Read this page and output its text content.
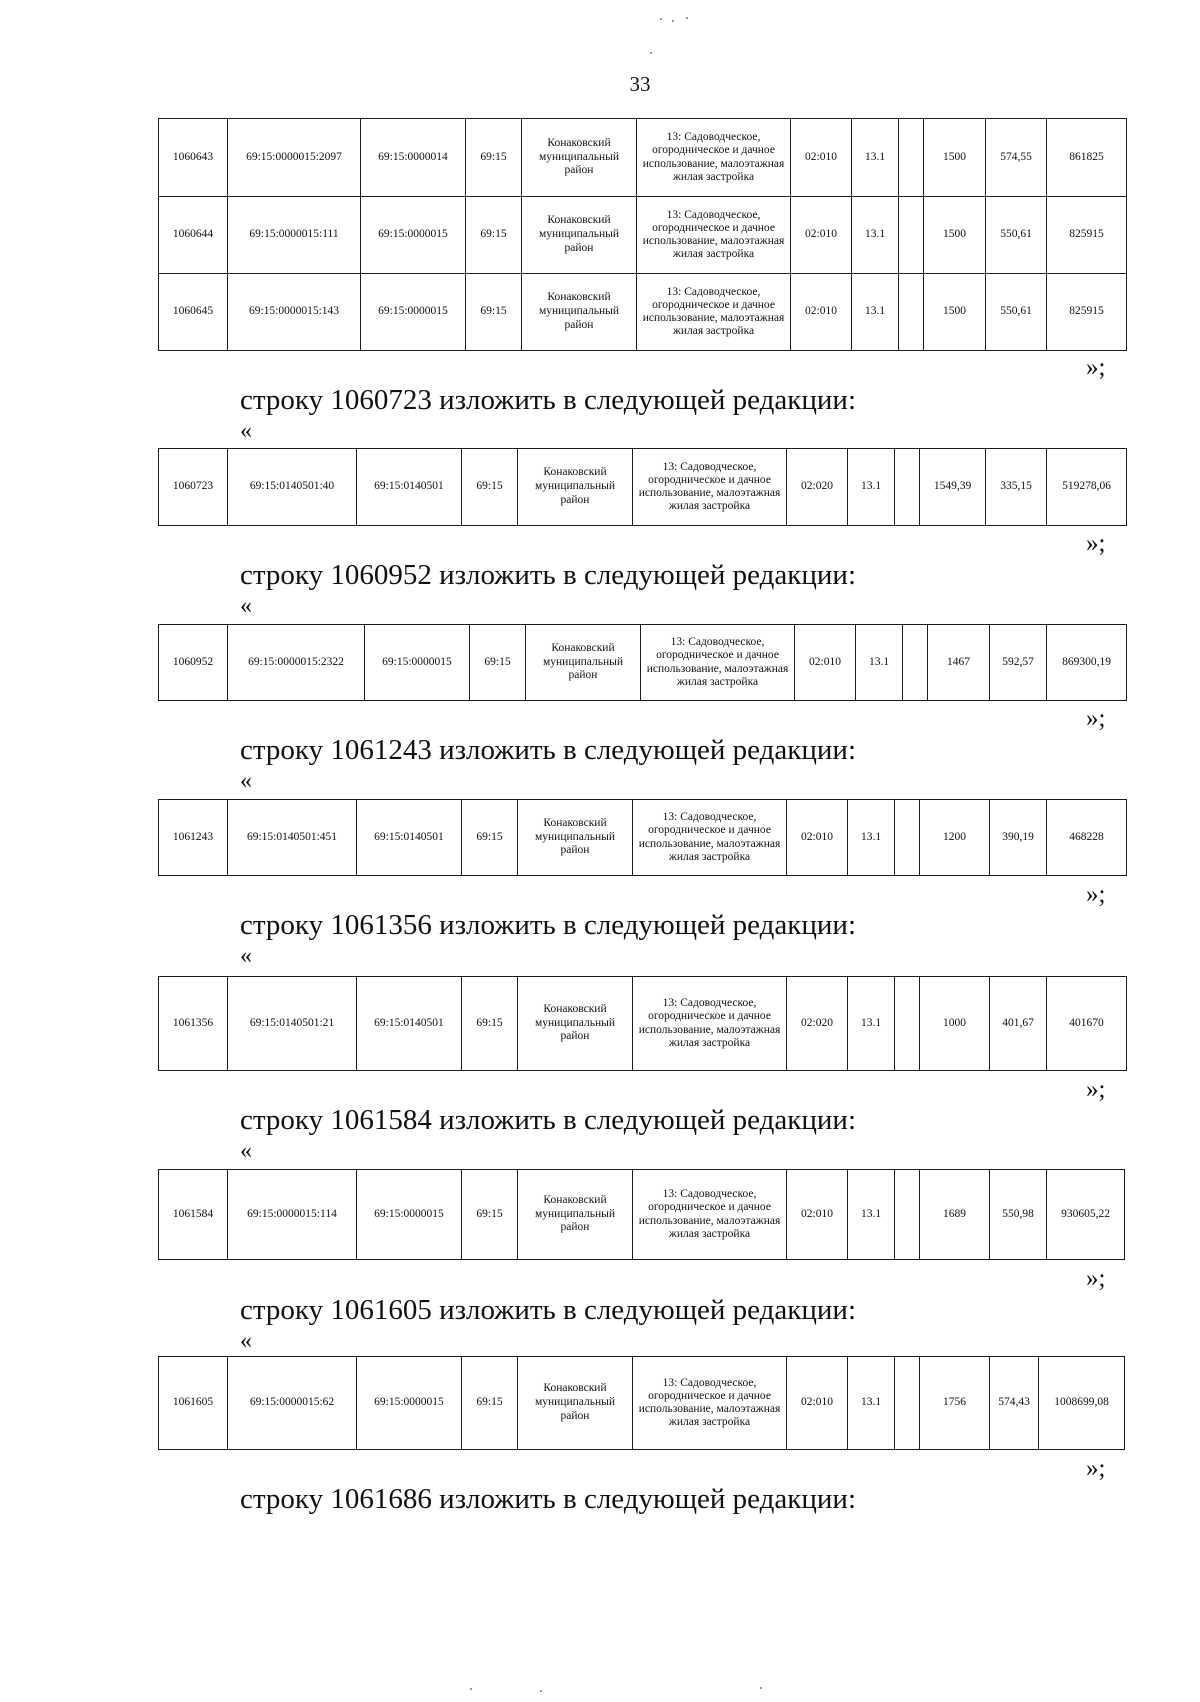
33
1060643	69:15:0000015:2097	69:15:0000014	69:15	Конаковский муниципальный район	13: Садоводческое, огородническое и дачное использование, малоэтажная жилая застройка	02:010	13.1		1500	574,55	861825
1060644	69:15:0000015:111	69:15:0000015	69:15	Конаковский муниципальный район	13: Садоводческое, огородническое и дачное использование, малоэтажная жилая застройка	02:010	13.1		1500	550,61	825915
1060645	69:15:0000015:143	69:15:0000015	69:15	Конаковский муниципальный район	13: Садоводческое, огородническое и дачное использование, малоэтажная жилая застройка	02:010	13.1		1500	550,61	825915
»;
строку 1060723 изложить в следующей редакции:
«
1060723	69:15:0140501:40	69:15:0140501	69:15	Конаковский муниципальный район	13: Садоводческое, огородническое и дачное использование, малоэтажная жилая застройка	02:020	13.1		1549,39	335,15	519278,06
»;
строку 1060952 изложить в следующей редакции:
«
1060952	69:15:0000015:2322	69:15:0000015	69:15	Конаковский муниципальный район	13: Садоводческое, огородническое и дачное использование, малоэтажная жилая застройка	02:010	13.1		1467	592,57	869300,19
»;
строку 1061243 изложить в следующей редакции:
«
1061243	69:15:0140501:451	69:15:0140501	69:15	Конаковский муниципальный район	13: Садоводческое, огородническое и дачное использование, малоэтажная жилая застройка	02:010	13.1		1200	390,19	468228
»;
строку 1061356 изложить в следующей редакции:
«
1061356	69:15:0140501:21	69:15:0140501	69:15	Конаковский муниципальный район	13: Садоводческое, огородническое и дачное использование, малоэтажная жилая застройка	02:020	13.1		1000	401,67	401670
»;
строку 1061584 изложить в следующей редакции:
«
1061584	69:15:0000015:114	69:15:0000015	69:15	Конаковский муниципальный район	13: Садоводческое, огородническое и дачное использование, малоэтажная жилая застройка	02:010	13.1		1689	550,98	930605,22
»;
строку 1061605 изложить в следующей редакции:
«
1061605	69:15:0000015:62	69:15:0000015	69:15	Конаковский муниципальный район	13: Садоводческое, огородническое и дачное использование, малоэтажная жилая застройка	02:010	13.1		1756	574,43	1008699,08
»;
строку 1061686 изложить в следующей редакции:
